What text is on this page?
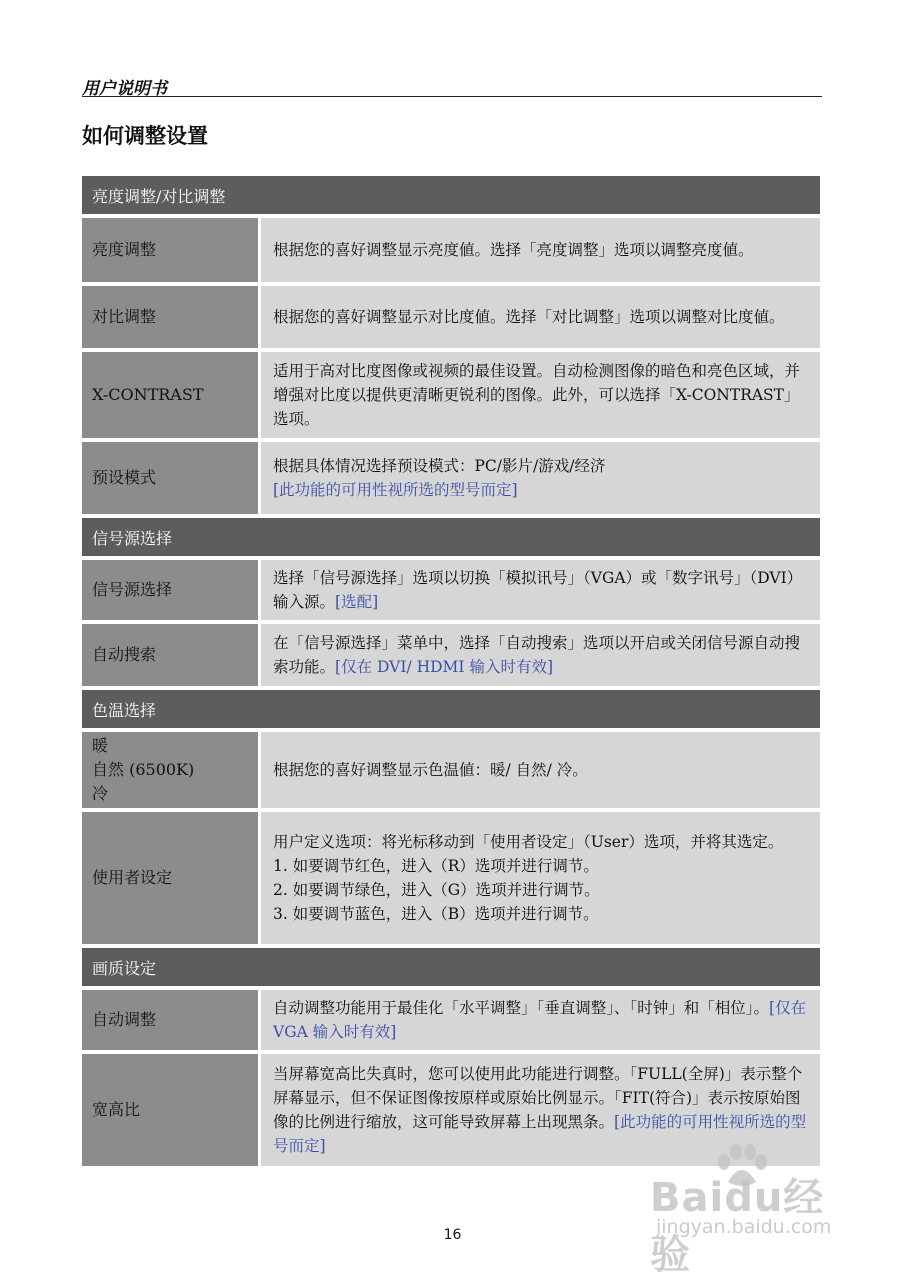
用户说明书
如何调整设置
亮度调整/对比调整
亮度调整	根据您的喜好调整显示亮度値。选择「亮度调整」选项以调整亮度値。
对比调整	根据您的喜好调整显示对比度値。选择「对比调整」选项以调整对比度値。
X-CONTRAST
适用于高对比度图像或视频的最佳设置。自动检测图像的暗色和亮色区域，并增强对比度以提供更清晰更锐利的图像。此外，可以选择「X-CONTRAST」选项。
预设模式
根据具体情况选择预设模式：PC/影片/游戏/经济
[此功能的可用性视所选的型号而定]
信号源选择
信号源选择
选择「信号源选择」选项以切换「模拟讯号」（VGA）或「数字讯号」（DVI）输入源。[选配]
自动搜索
在「信号源选择」菜单中，选择「自动搜索」选项以开启或关闭信号源自动搜索功能。[仅在 DVI/ HDMI 输入时有效]
色温选择
暖
自然 (6500K)
冷
根据您的喜好调整显示色温値：暖/ 自然/ 冷。
使用者设定
用户定义选项：将光标移动到「使用者设定」（User）选项，并将其选定。
1. 如要调节红色，进入（R）选项并进行调节。
2. 如要调节绿色，进入（G）选项并进行调节。
3. 如要调节蓝色，进入（B）选项并进行调节。
画质设定
自动调整
自动调整功能用于最佳化「水平调整」「垂直调整」、「时钟」和「相位」。[仅在 VGA 输入时有效]
宽高比
当屏幕宽高比失真时，您可以使用此功能进行调整。「FULL(全屏)」表示整个屏幕显示，但不保证图像按原样或原始比例显示。「FIT(符合)」表示按原始图像的比例进行缩放，这可能导致屏幕上出现黑条。[此功能的可用性视所选的型号而定]
16
Baidu经验
jingyan.baidu.com
